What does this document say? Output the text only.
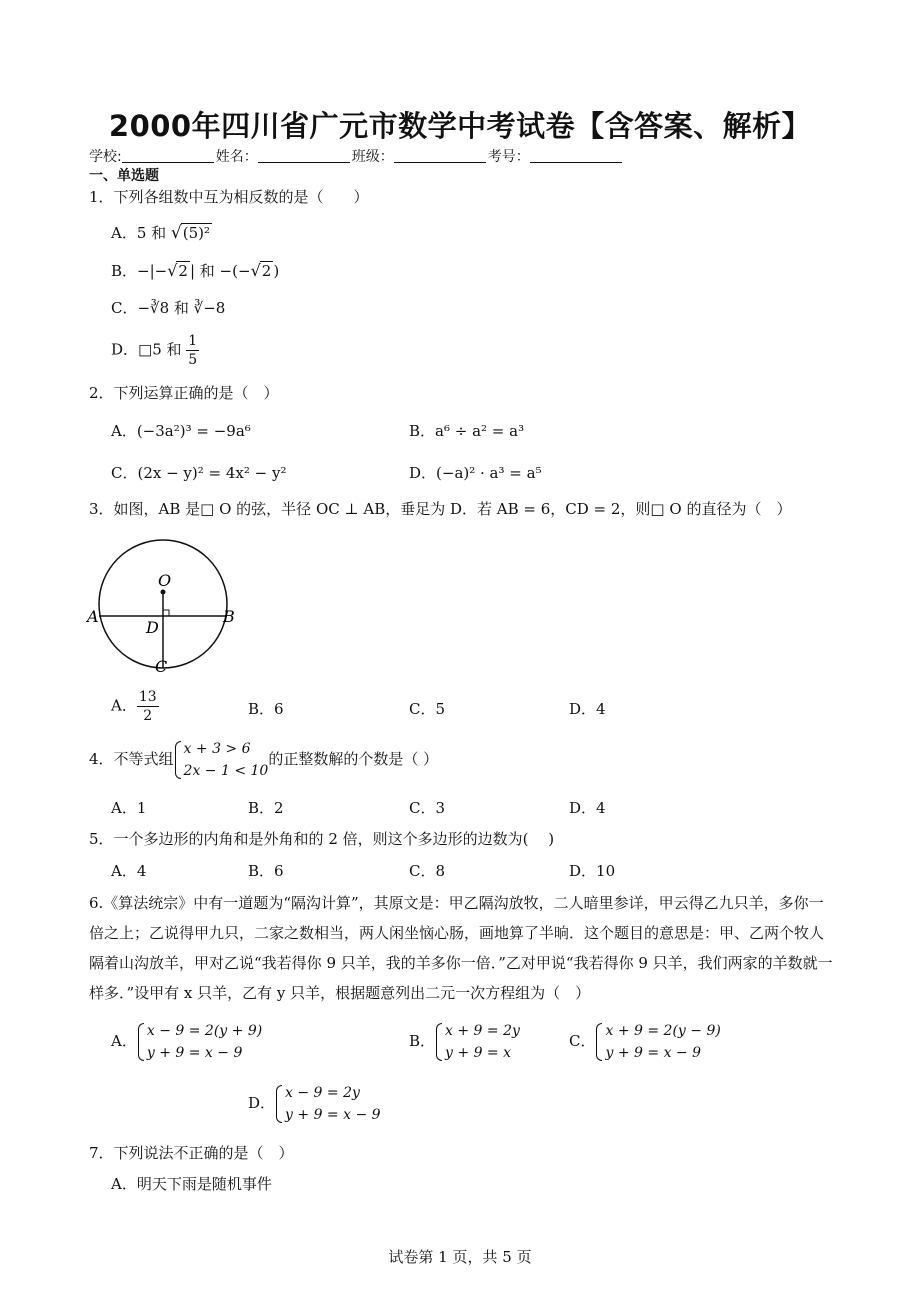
2000年四川省广元市数学中考试卷【含答案、解析】
学校:	姓名：	班级：	考号：
一、单选题
1．下列各组数中互为相反数的是（　　）
A．5 和 √(5)²
B．−|−√2 | 和 −(−√2 )
C．−∛8 和 ∛−8
D．□5 和 $\frac{1}{5}$
2．下列运算正确的是（　）
A．(−3a²)³ = −9a⁶	B．a⁶ ÷ a² = a³
C．(2x − y)² = 4x² − y²	D．(−a)² · a³ = a⁵
3．如图，AB 是□ O 的弦，半径 OC ⊥ AB，垂足为 D．若 AB = 6，CD = 2，则□ O 的直径为（　）
O
A	B
D
C
A． $\frac{13}{2}$	B．6	C．5	D．4
4．不等式组
x + 3 > 6
2x − 1 < 10
的正整数解的个数是（ ）
A．1	B．2	C．3	D．4
5．一个多边形的内角和是外角和的 2 倍，则这个多边形的边数为(　 )
A．4	B．6	C．8	D．10
6.《算法统宗》中有一道题为“隔沟计算”，其原文是：甲乙隔沟放牧，二人暗里参详，甲云得乙九只羊，多你一倍之上；乙说得甲九只，二家之数相当，两人闲坐恼心肠，画地算了半晌．这个题目的意思是：甲、乙两个牧人隔着山沟放羊，甲对乙说“我若得你 9 只羊，我的羊多你一倍．”乙对甲说“我若得你 9 只羊，我们两家的羊数就一样多．”设甲有 x 只羊，乙有 y 只羊，根据题意列出二元一次方程组为（　）
A．
x − 9 = 2(y + 9)
y + 9 = x − 9
B．
x + 9 = 2y
y + 9 = x
C．
x + 9 = 2(y − 9)
y + 9 = x − 9
D．
x − 9 = 2y
y + 9 = x − 9
7．下列说法不正确的是（　）
A．明天下雨是随机事件
试卷第 1 页，共 5 页
